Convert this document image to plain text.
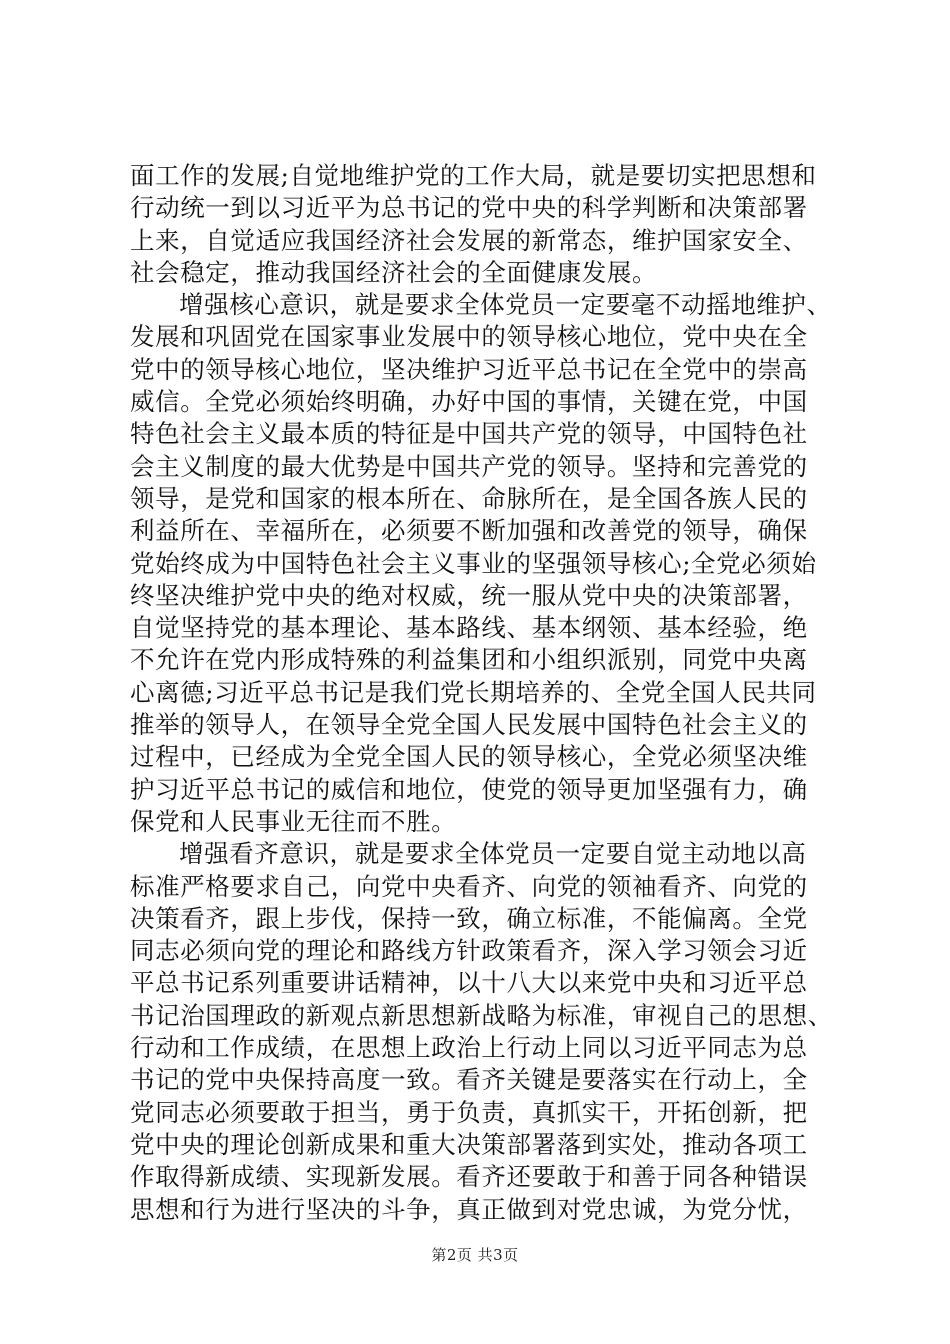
面工作的发展;自觉地维护党的工作大局，就是要切实把思想和
行动统一到以习近平为总书记的党中央的科学判断和决策部署
上来，自觉适应我国经济社会发展的新常态，维护国家安全、
社会稳定，推动我国经济社会的全面健康发展。
增强核心意识，就是要求全体党员一定要毫不动摇地维护、
发展和巩固党在国家事业发展中的领导核心地位，党中央在全
党中的领导核心地位，坚决维护习近平总书记在全党中的崇高
威信。全党必须始终明确，办好中国的事情，关键在党，中国
特色社会主义最本质的特征是中国共产党的领导，中国特色社
会主义制度的最大优势是中国共产党的领导。坚持和完善党的
领导，是党和国家的根本所在、命脉所在，是全国各族人民的
利益所在、幸福所在，必须要不断加强和改善党的领导，确保
党始终成为中国特色社会主义事业的坚强领导核心;全党必须始
终坚决维护党中央的绝对权威，统一服从党中央的决策部署，
自觉坚持党的基本理论、基本路线、基本纲领、基本经验，绝
不允许在党内形成特殊的利益集团和小组织派别，同党中央离
心离德;习近平总书记是我们党长期培养的、全党全国人民共同
推举的领导人，在领导全党全国人民发展中国特色社会主义的
过程中，已经成为全党全国人民的领导核心，全党必须坚决维
护习近平总书记的威信和地位，使党的领导更加坚强有力，确
保党和人民事业无往而不胜。
增强看齐意识，就是要求全体党员一定要自觉主动地以高
标准严格要求自己，向党中央看齐、向党的领袖看齐、向党的
决策看齐，跟上步伐，保持一致，确立标准，不能偏离。全党
同志必须向党的理论和路线方针政策看齐，深入学习领会习近
平总书记系列重要讲话精神，以十八大以来党中央和习近平总
书记治国理政的新观点新思想新战略为标准，审视自己的思想、
行动和工作成绩，在思想上政治上行动上同以习近平同志为总
书记的党中央保持高度一致。看齐关键是要落实在行动上，全
党同志必须要敢于担当，勇于负责，真抓实干，开拓创新，把
党中央的理论创新成果和重大决策部署落到实处，推动各项工
作取得新成绩、实现新发展。看齐还要敢于和善于同各种错误
思想和行为进行坚决的斗争，真正做到对党忠诚，为党分忧，
第2页 共3页
